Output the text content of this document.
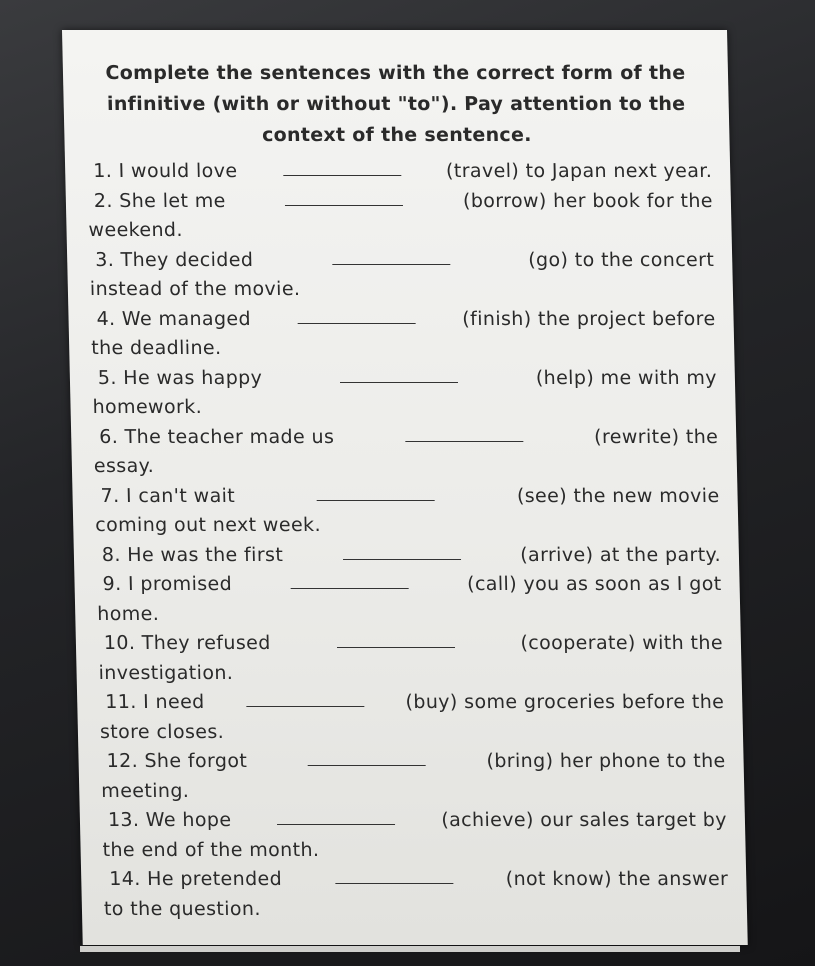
Complete the sentences with the correct form of the infinitive (with or without "to"). Pay attention to the context of the sentence.
1. I would love	(travel) to Japan next year.
2. She let me	(borrow) her book for the
weekend.
3. They decided	(go) to the concert
instead of the movie.
4. We managed	(finish) the project before
the deadline.
5. He was happy	(help) me with my
homework.
6. The teacher made us	(rewrite) the
essay.
7. I can't wait	(see) the new movie
coming out next week.
8. He was the first	(arrive) at the party.
9. I promised	(call) you as soon as I got
home.
10. They refused	(cooperate) with the
investigation.
11. I need	(buy) some groceries before the
store closes.
12. She forgot	(bring) her phone to the
meeting.
13. We hope	(achieve) our sales target by
the end of the month.
14. He pretended	(not know) the answer
to the question.
